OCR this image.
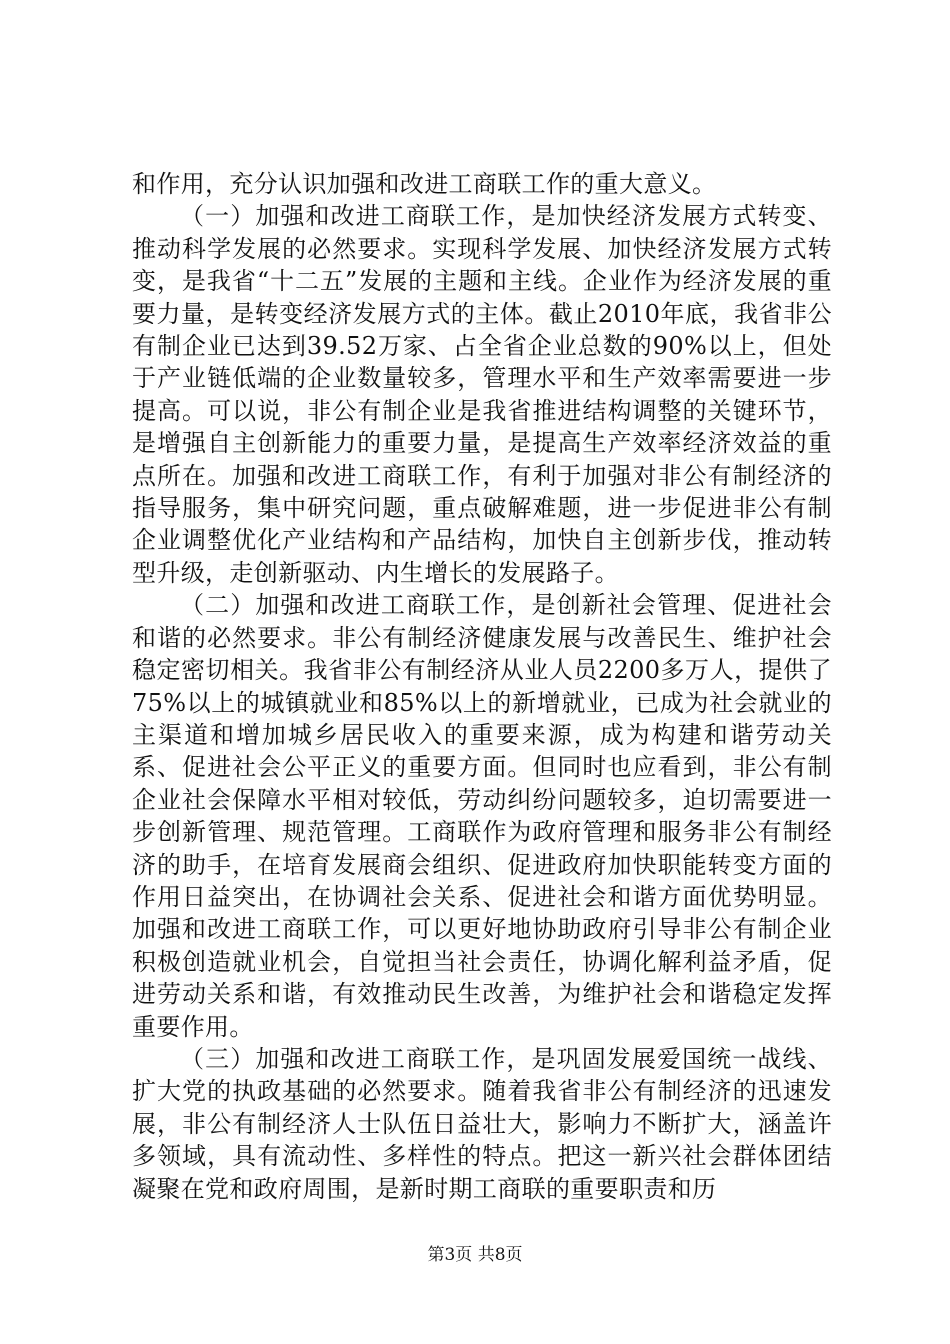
和作用，充分认识加强和改进工商联工作的重大意义。

（一）加强和改进工商联工作，是加快经济发展方式转变、推动科学发展的必然要求。实现科学发展、加快经济发展方式转变，是我省“十二五”发展的主题和主线。企业作为经济发展的重要力量，是转变经济发展方式的主体。截止2010年底，我省非公有制企业已达到39.52万家、占全省企业总数的90%以上，但处于产业链低端的企业数量较多，管理水平和生产效率需要进一步提高。可以说，非公有制企业是我省推进结构调整的关键环节，是增强自主创新能力的重要力量，是提高生产效率经济效益的重点所在。加强和改进工商联工作，有利于加强对非公有制经济的指导服务，集中研究问题，重点破解难题，进一步促进非公有制企业调整优化产业结构和产品结构，加快自主创新步伐，推动转型升级，走创新驱动、内生增长的发展路子。

（二）加强和改进工商联工作，是创新社会管理、促进社会和谐的必然要求。非公有制经济健康发展与改善民生、维护社会稳定密切相关。我省非公有制经济从业人员2200多万人，提供了75%以上的城镇就业和85%以上的新增就业，已成为社会就业的主渠道和增加城乡居民收入的重要来源，成为构建和谐劳动关系、促进社会公平正义的重要方面。但同时也应看到，非公有制企业社会保障水平相对较低，劳动纠纷问题较多，迫切需要进一步创新管理、规范管理。工商联作为政府管理和服务非公有制经济的助手，在培育发展商会组织、促进政府加快职能转变方面的作用日益突出，在协调社会关系、促进社会和谐方面优势明显。加强和改进工商联工作，可以更好地协助政府引导非公有制企业积极创造就业机会，自觉担当社会责任，协调化解利益矛盾，促进劳动关系和谐，有效推动民生改善，为维护社会和谐稳定发挥重要作用。

（三）加强和改进工商联工作，是巩固发展爱国统一战线、扩大党的执政基础的必然要求。随着我省非公有制经济的迅速发展，非公有制经济人士队伍日益壮大，影响力不断扩大，涵盖许多领域，具有流动性、多样性的特点。把这一新兴社会群体团结凝聚在党和政府周围，是新时期工商联的重要职责和历

第3页 共8页
